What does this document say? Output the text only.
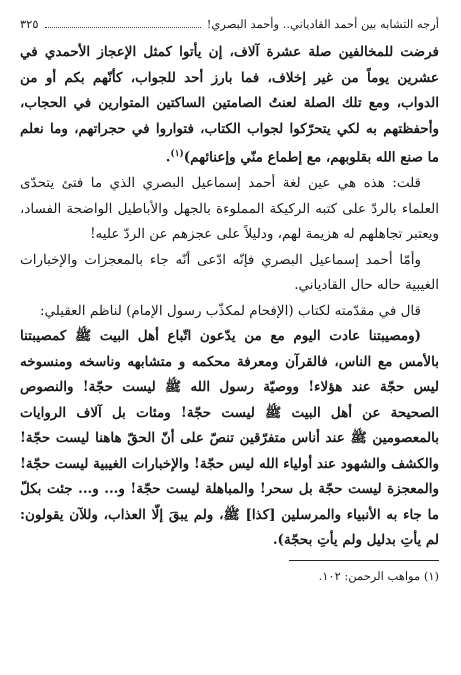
أرجه التشابه بين أحمد القادياني.. وأحمد البصري!
٣٢٥

فرضت للمخالفين صلة عشرة آلاف، إن يأتوا كمثل الإعجاز الأحمدي في عشرين يوماً من غير إخلاف، فما بارز أحد للجواب، كأنّهم بكم أو من الدواب، ومع تلك الصلة لعنتُ الصامتين الساكتين المتوارين في الحجاب، وأحفظتهم به لكي يتحرّكوا لجواب الكتاب، فتواروا في حجراتهم، وما نعلم ما صنع الله بقلوبهم، مع إطماع منّي وإعنائهم)$^{(١)}$.

قلت: هذه هي عين لغة أحمد إسماعيل البصري الذي ما فتئ يتحدّى العلماء بالردّ على كتبه الركيكة المملوءة بالجهل والأباطيل الواضحة الفساد، ويعتبر تجاهلهم له هزيمة لهم، ودليلاً على عجزهم عن الردّ عليه!

وأمّا أحمد إسماعيل البصري فإنّه ادّعى أنّه جاء بالمعجزات والإخبارات الغيبية حاله حال القادياني.

قال في مقدّمته لكتاب (الإفحام لمكذّب رسول الإمام) لناظم العقيلي:

(ومصيبتنا عادت اليوم مع من يدّعون اتّباع أهل البيت ﷺ كمصيبتنا بالأمس مع الناس، فالقرآن ومعرفة محكمه و متشابهه وناسخه ومنسوخه ليس حجّة عند هؤلاء! ووصيّة رسول الله ﷺ ليست حجّة! والنصوص الصحيحة عن أهل البيت ﷺ ليست حجّة! ومئات بل آلاف الروايات بالمعصومين ﷺ عند أناس متفرّقين تنصّ على أنّ الحقّ هاهنا ليست حجّة! والكشف والشهود عند أولياء الله ليس حجّة! والإخبارات الغيبية ليست حجّة! والمعجزة ليست حجّة بل سحر! والمباهلة ليست حجّة! و... و... جئت بكلّ ما جاء به الأنبياء والمرسلين [كذا] ﷺ، ولم يبقَ إلّا العذاب، وللآن يقولون: لم يأتِ بدليل ولم يأتِ بحجّة).

(١) مواهب الرحمن: ١٠٢.
